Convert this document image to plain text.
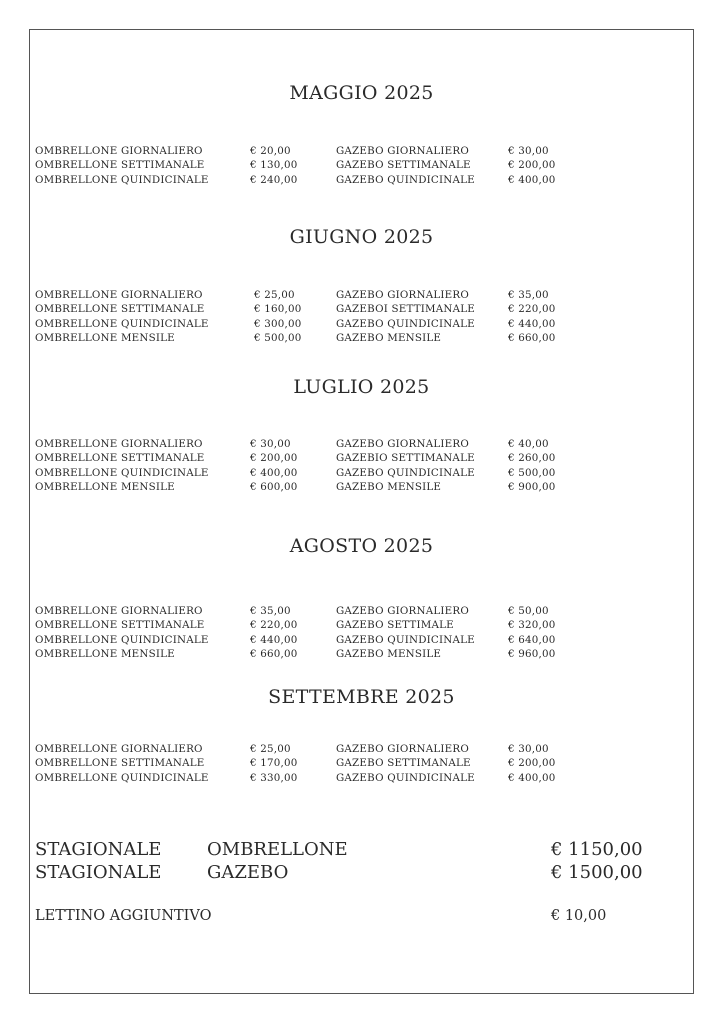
MAGGIO 2025
OMBRELLONE GIORNALIERO	€ 20,00	GAZEBO GIORNALIERO	€ 30,00
OMBRELLONE SETTIMANALE	€ 130,00	GAZEBO SETTIMANALE	€ 200,00
OMBRELLONE QUINDICINALE	€ 240,00	GAZEBO QUINDICINALE	€ 400,00
GIUGNO 2025
OMBRELLONE GIORNALIERO	€ 25,00	GAZEBO GIORNALIERO	€ 35,00
OMBRELLONE SETTIMANALE	€ 160,00	GAZEBOI SETTIMANALE	€ 220,00
OMBRELLONE QUINDICINALE	€ 300,00	GAZEBO QUINDICINALE	€ 440,00
OMBRELLONE MENSILE	€ 500,00	GAZEBO MENSILE	€ 660,00
LUGLIO 2025
OMBRELLONE GIORNALIERO	€ 30,00	GAZEBO GIORNALIERO	€ 40,00
OMBRELLONE SETTIMANALE	€ 200,00	GAZEBIO SETTIMANALE	€ 260,00
OMBRELLONE QUINDICINALE	€ 400,00	GAZEBO QUINDICINALE	€ 500,00
OMBRELLONE MENSILE	€ 600,00	GAZEBO MENSILE	€ 900,00
AGOSTO 2025
OMBRELLONE GIORNALIERO	€ 35,00	GAZEBO GIORNALIERO	€ 50,00
OMBRELLONE SETTIMANALE	€ 220,00	GAZEBO SETTIMALE	€ 320,00
OMBRELLONE QUINDICINALE	€ 440,00	GAZEBO QUINDICINALE	€ 640,00
OMBRELLONE MENSILE	€ 660,00	GAZEBO MENSILE	€ 960,00
SETTEMBRE 2025
OMBRELLONE GIORNALIERO	€ 25,00	GAZEBO GIORNALIERO	€ 30,00
OMBRELLONE SETTIMANALE	€ 170,00	GAZEBO SETTIMANALE	€ 200,00
OMBRELLONE QUINDICINALE	€ 330,00	GAZEBO QUINDICINALE	€ 400,00
STAGIONALE	OMBRELLONE	€ 1150,00
STAGIONALE	GAZEBO	€ 1500,00
LETTINO AGGIUNTIVO	€ 10,00
